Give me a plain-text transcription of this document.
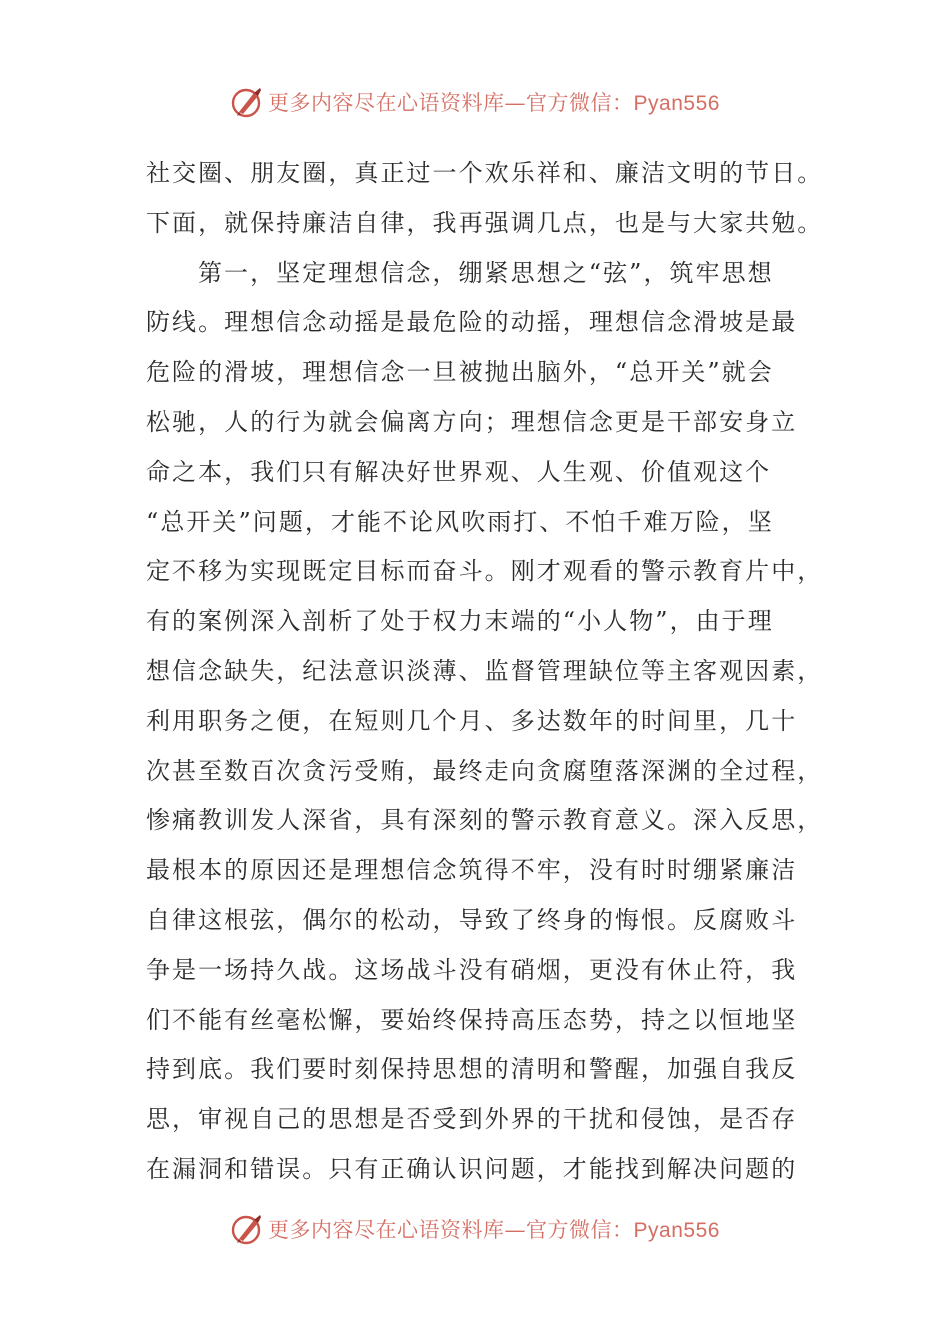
更多内容尽在心语资料库—官方微信：Pyan556
社交圈、朋友圈，真正过一个欢乐祥和、廉洁文明的节日。
下面，就保持廉洁自律，我再强调几点，也是与大家共勉。
第一，坚定理想信念，绷紧思想之“弦”，筑牢思想
防线。理想信念动摇是最危险的动摇，理想信念滑坡是最
危险的滑坡，理想信念一旦被抛出脑外，“总开关”就会
松驰，人的行为就会偏离方向；理想信念更是干部安身立
命之本，我们只有解决好世界观、人生观、价值观这个
“总开关”问题，才能不论风吹雨打、不怕千难万险，坚
定不移为实现既定目标而奋斗。刚才观看的警示教育片中，
有的案例深入剖析了处于权力末端的“小人物”，由于理
想信念缺失，纪法意识淡薄、监督管理缺位等主客观因素，
利用职务之便，在短则几个月、多达数年的时间里，几十
次甚至数百次贪污受贿，最终走向贪腐堕落深渊的全过程，
惨痛教训发人深省，具有深刻的警示教育意义。深入反思，
最根本的原因还是理想信念筑得不牢，没有时时绷紧廉洁
自律这根弦，偶尔的松动，导致了终身的悔恨。反腐败斗
争是一场持久战。这场战斗没有硝烟，更没有休止符，我
们不能有丝毫松懈，要始终保持高压态势，持之以恒地坚
持到底。我们要时刻保持思想的清明和警醒，加强自我反
思，审视自己的思想是否受到外界的干扰和侵蚀，是否存
在漏洞和错误。只有正确认识问题，才能找到解决问题的
更多内容尽在心语资料库—官方微信：Pyan556
